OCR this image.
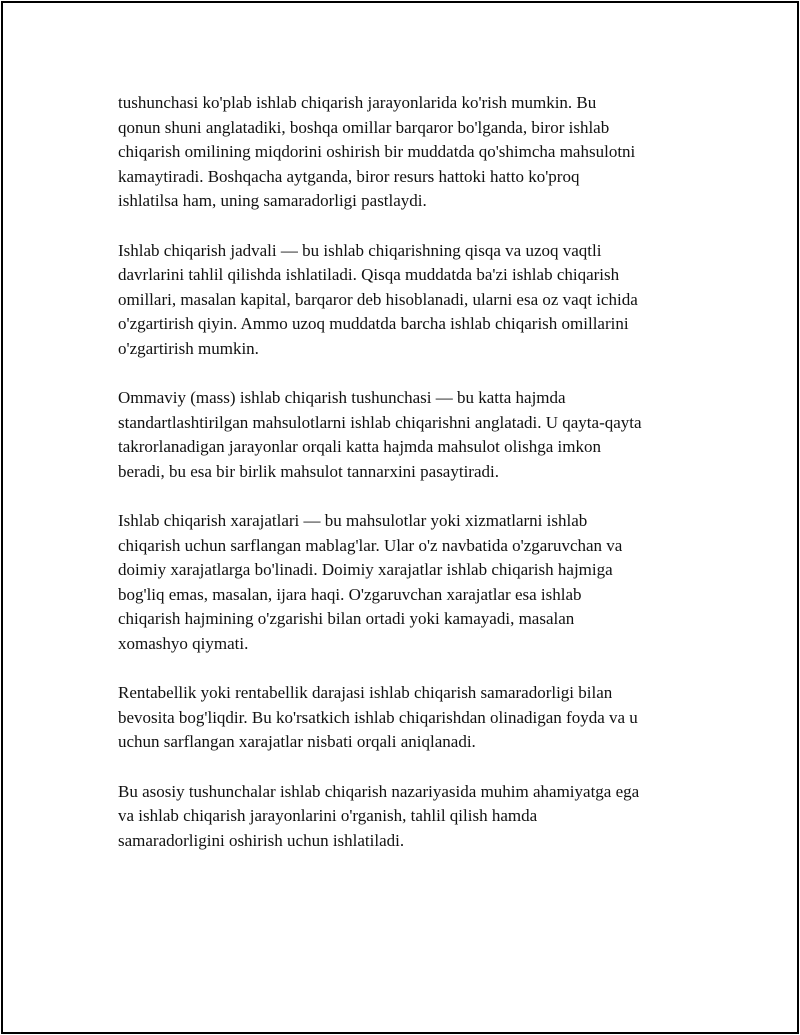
tushunchasi ko'plab ishlab chiqarish jarayonlarida ko'rish mumkin. Bu
qonun shuni anglatadiki, boshqa omillar barqaror bo'lganda, biror ishlab
chiqarish omilining miqdorini oshirish bir muddatda qo'shimcha mahsulotni
kamaytiradi. Boshqacha aytganda, biror resurs hattoki hatto ko'proq
ishlatilsa ham, uning samaradorligi pastlaydi.

Ishlab chiqarish jadvali — bu ishlab chiqarishning qisqa va uzoq vaqtli
davrlarini tahlil qilishda ishlatiladi. Qisqa muddatda ba'zi ishlab chiqarish
omillari, masalan kapital, barqaror deb hisoblanadi, ularni esa oz vaqt ichida
o'zgartirish qiyin. Ammo uzoq muddatda barcha ishlab chiqarish omillarini
o'zgartirish mumkin.

Ommaviy (mass) ishlab chiqarish tushunchasi — bu katta hajmda
standartlashtirilgan mahsulotlarni ishlab chiqarishni anglatadi. U qayta-qayta
takrorlanadigan jarayonlar orqali katta hajmda mahsulot olishga imkon
beradi, bu esa bir birlik mahsulot tannarxini pasaytiradi.

Ishlab chiqarish xarajatlari — bu mahsulotlar yoki xizmatlarni ishlab
chiqarish uchun sarflangan mablag'lar. Ular o'z navbatida o'zgaruvchan va
doimiy xarajatlarga bo'linadi. Doimiy xarajatlar ishlab chiqarish hajmiga
bog'liq emas, masalan, ijara haqi. O'zgaruvchan xarajatlar esa ishlab
chiqarish hajmining o'zgarishi bilan ortadi yoki kamayadi, masalan
xomashyo qiymati.

Rentabellik yoki rentabellik darajasi ishlab chiqarish samaradorligi bilan
bevosita bog'liqdir. Bu ko'rsatkich ishlab chiqarishdan olinadigan foyda va u
uchun sarflangan xarajatlar nisbati orqali aniqlanadi.

Bu asosiy tushunchalar ishlab chiqarish nazariyasida muhim ahamiyatga ega
va ishlab chiqarish jarayonlarini o'rganish, tahlil qilish hamda
samaradorligini oshirish uchun ishlatiladi.
